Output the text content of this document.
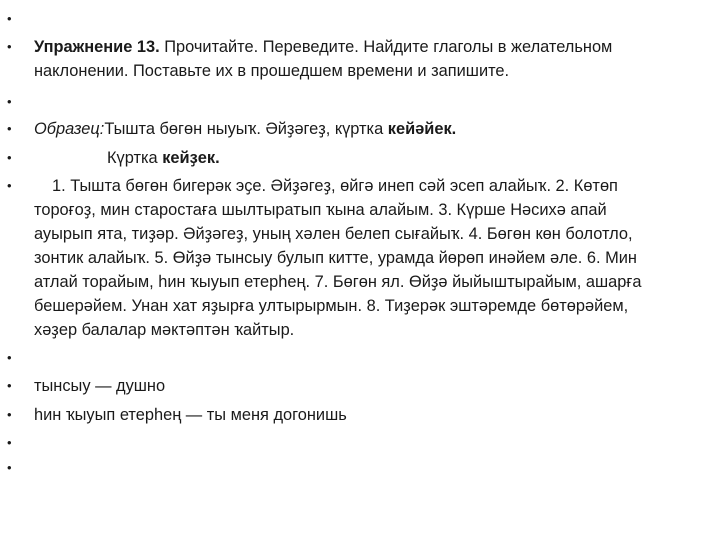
•
• Упражнение 13. Прочитайте. Переведите. Найдите глаголы в желательном
наклонении. Поставьте их в прошедшем времени и запишите.
•
• Образец:Тышта бөгөн ныуыҡ. Әйҙәгеҙ, күртка кейәйек.
•	Күртка кейҙек.
•	1. Тышта бөгөн бигерәк эҫе. Әйҙәгеҙ, өйгә инеп сәй эсеп алайыҡ. 2. Көтөп
тороғоҙ, мин старостаға шылтыратып ҡына алайым. 3. Күрше Нәсихә апай
ауырып ята, тиҙәр. Әйҙәгеҙ, уның хәлен белеп сығайыҡ. 4. Бөгөн көн болотло,
зонтик алайыҡ. 5. Өйҙә тынсыу булып китте, урамда йөрөп инәйем әле. 6. Мин
атлай торайым, һин ҡыуып етерһең. 7. Бөгөн ял. Өйҙә йыйыштырайым, ашарға
бешерәйем. Унан хат яҙырға ултырырмын. 8. Тиҙерәк эштәремде бөтөрәйем,
хәҙер балалар мәктәптән ҡайтыр.
•
• тынсыу — душно
• һин ҡыуып етерһең — ты меня догонишь
•
•
